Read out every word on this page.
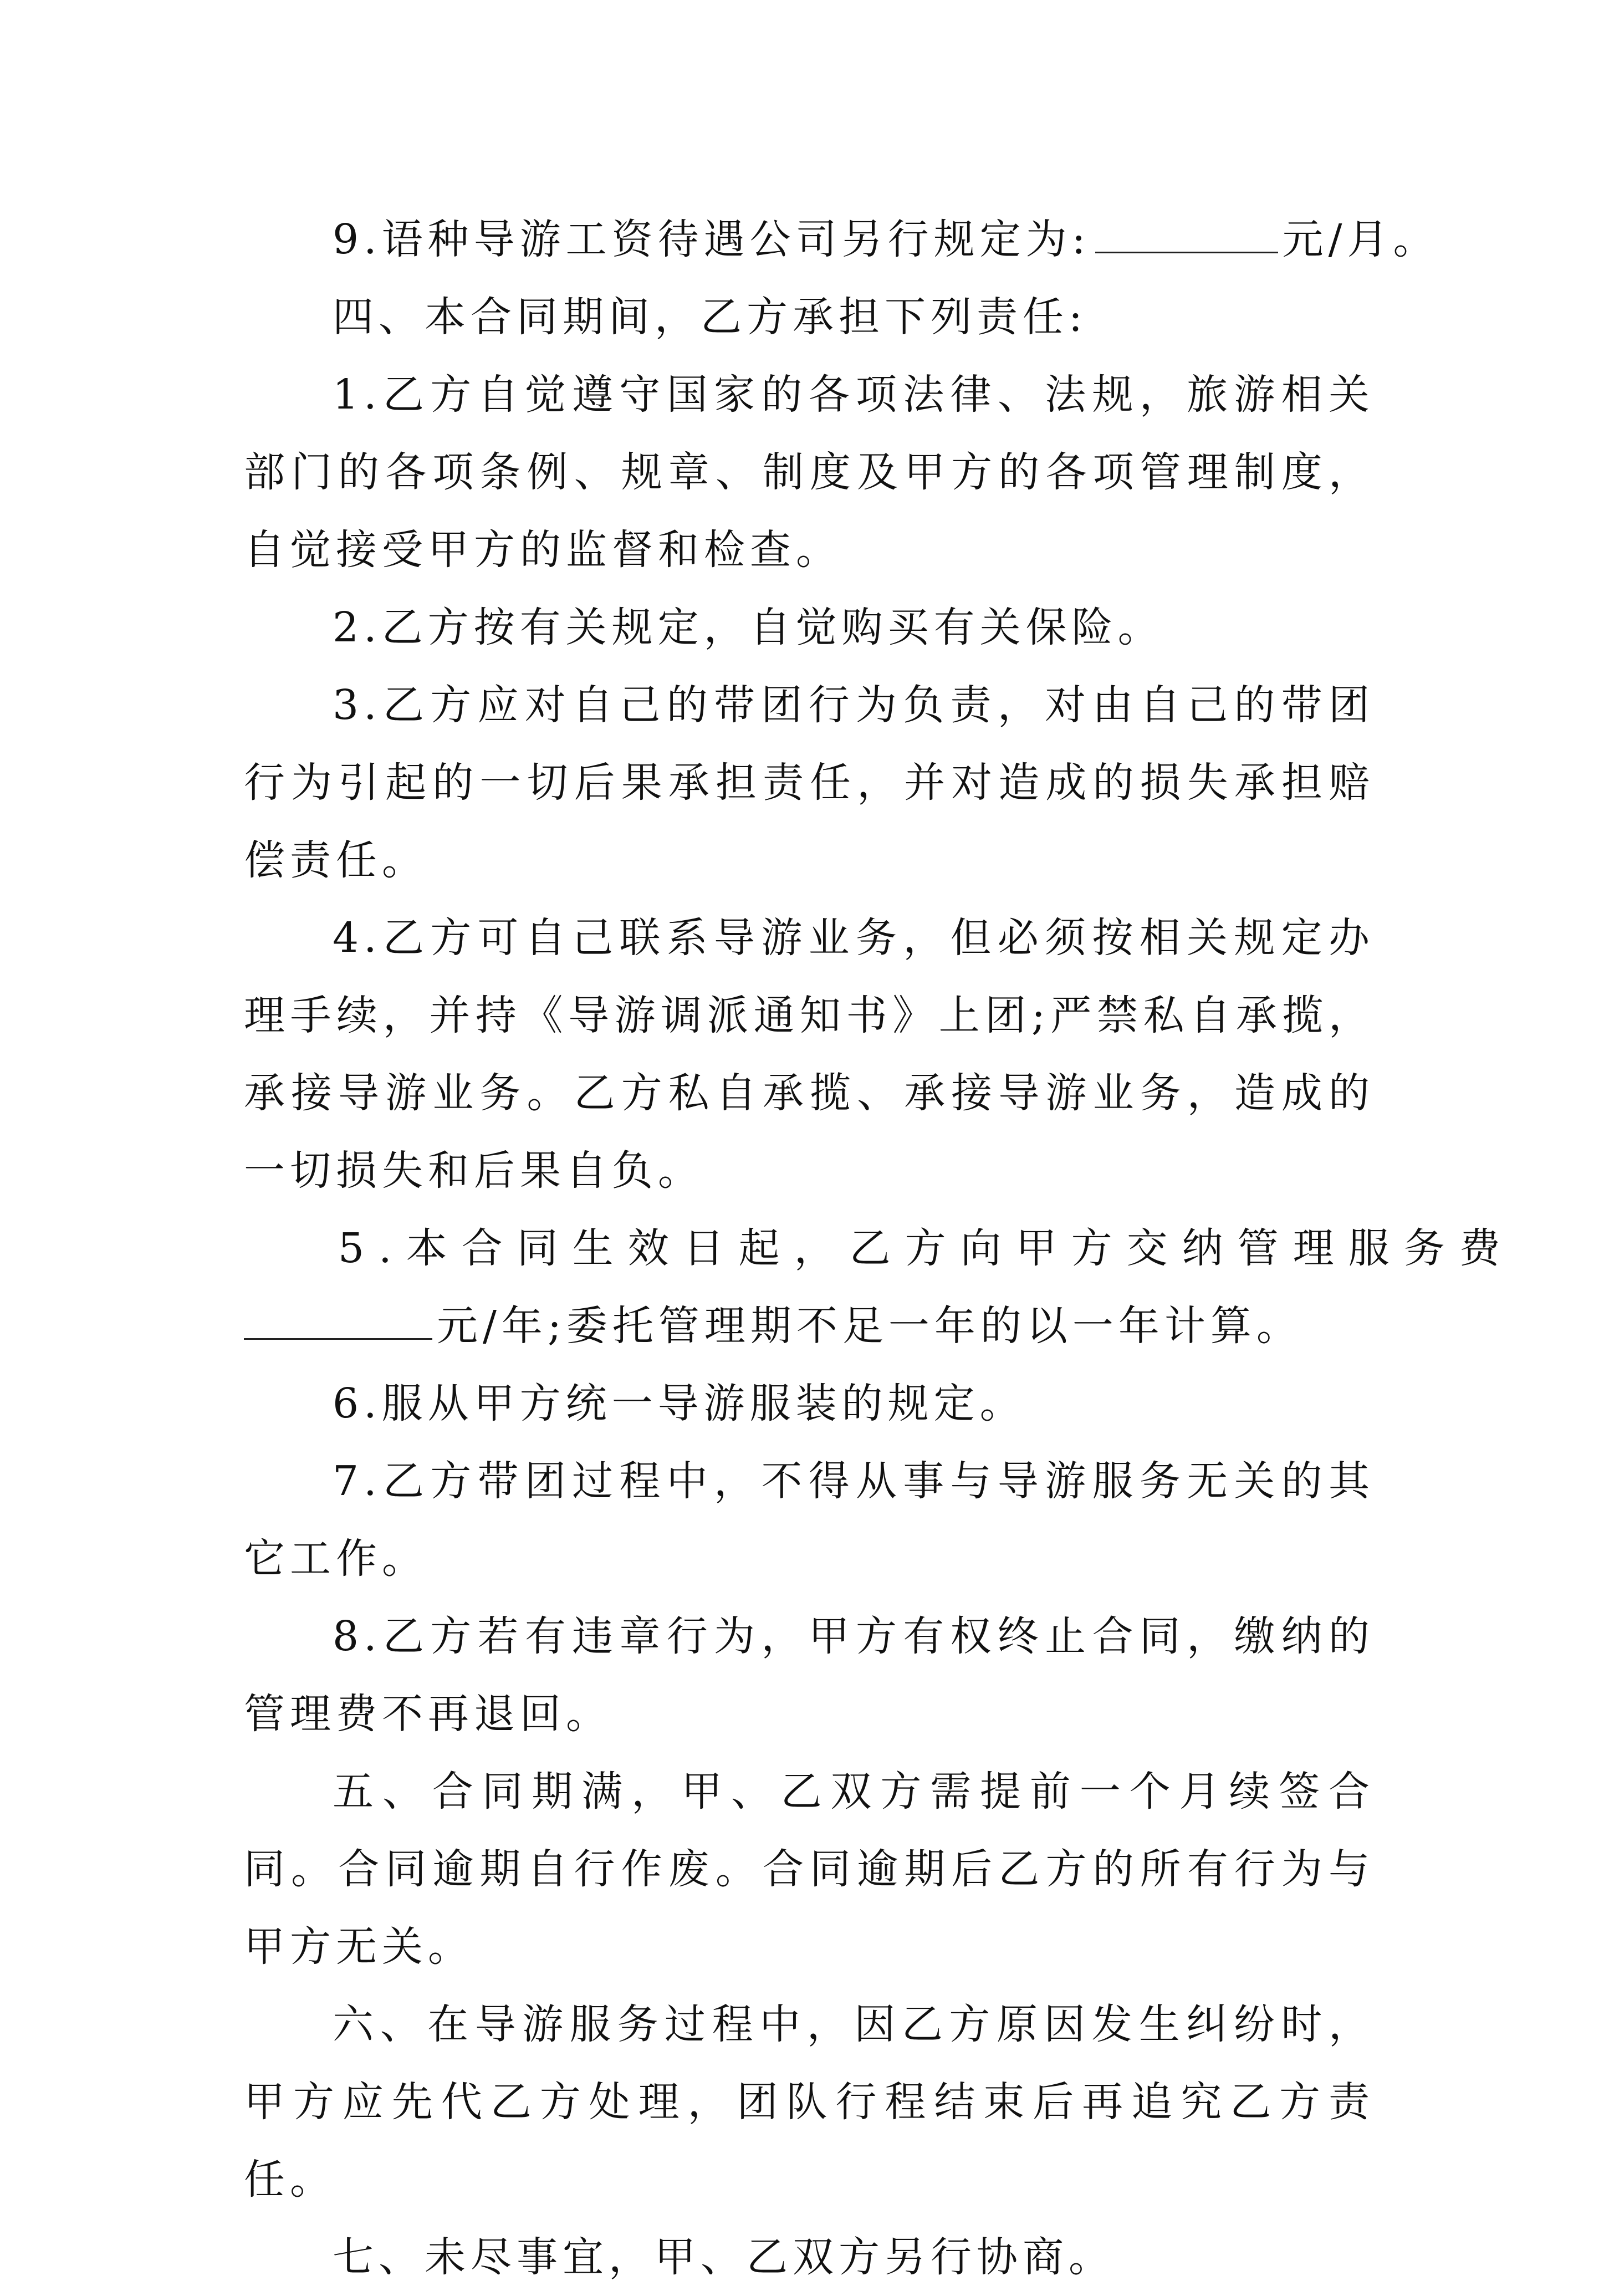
9.语种导游工资待遇公司另行规定为:	元/月。

四、本合同期间，乙方承担下列责任:

1.乙方自觉遵守国家的各项法律、法规，旅游相关部门的各项条例、规章、制度及甲方的各项管理制度，自觉接受甲方的监督和检查。

2.乙方按有关规定，自觉购买有关保险。

3.乙方应对自己的带团行为负责，对由自己的带团行为引起的一切后果承担责任，并对造成的损失承担赔偿责任。

4.乙方可自己联系导游业务，但必须按相关规定办理手续，并持《导游调派通知书》上团;严禁私自承揽，承接导游业务。乙方私自承揽、承接导游业务，造成的一切损失和后果自负。

5.本合同生效日起，乙方向甲方交纳管理服务费

元/年;委托管理期不足一年的以一年计算。

6.服从甲方统一导游服装的规定。

7.乙方带团过程中，不得从事与导游服务无关的其它工作。

8.乙方若有违章行为，甲方有权终止合同，缴纳的管理费不再退回。

五、合同期满，甲、乙双方需提前一个月续签合同。合同逾期自行作废。合同逾期后乙方的所有行为与甲方无关。

六、在导游服务过程中，因乙方原因发生纠纷时，甲方应先代乙方处理，团队行程结束后再追究乙方责任。

七、未尽事宜，甲、乙双方另行协商。
